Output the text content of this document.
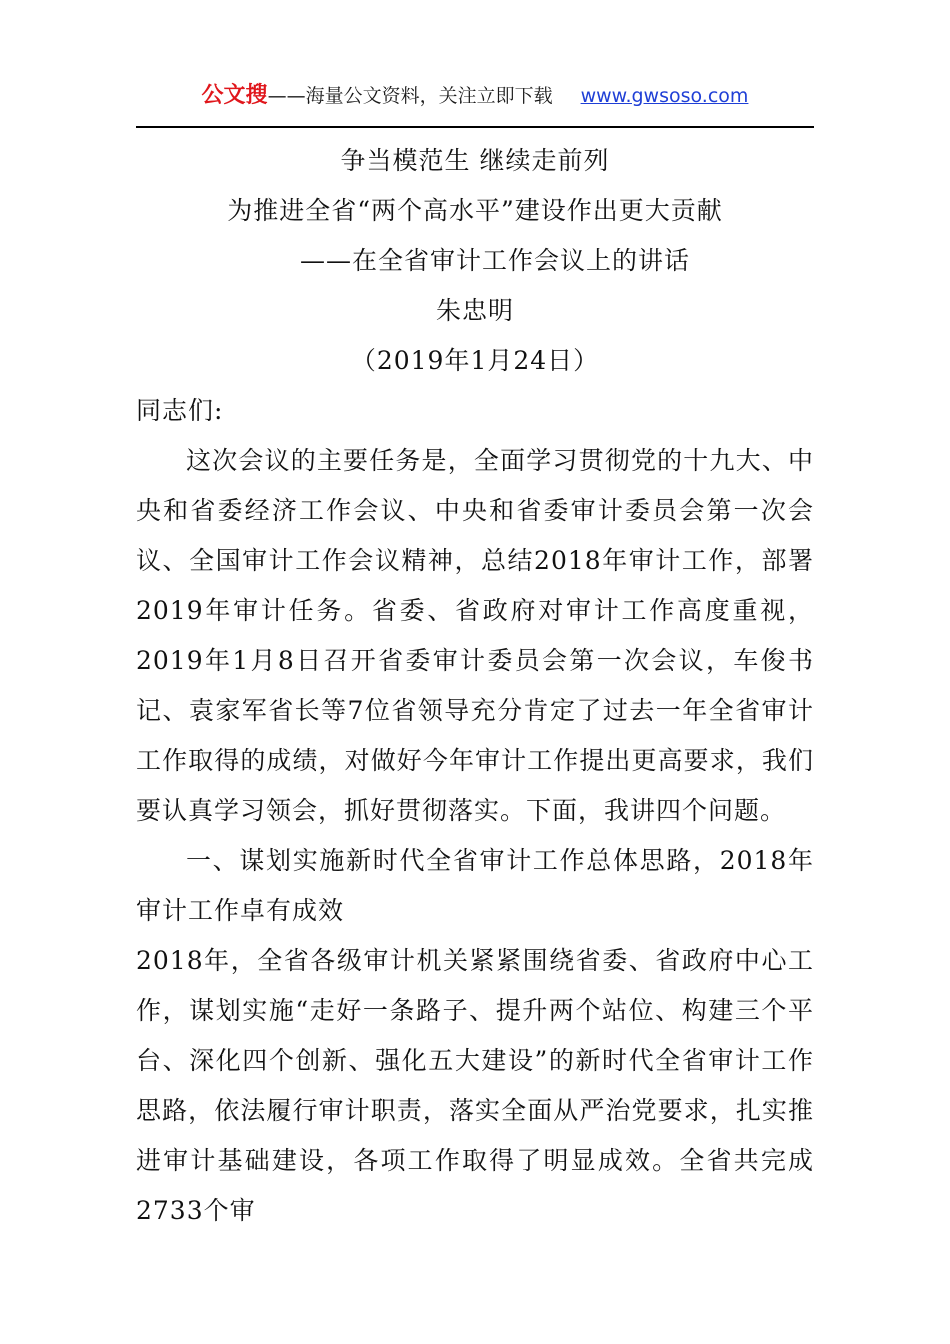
公文搜——海量公文资料，关注立即下载 www.gwsoso.com
争当模范生 继续走前列
为推进全省“两个高水平”建设作出更大贡献
——在全省审计工作会议上的讲话
朱忠明
（2019年1月24日）

同志们:

这次会议的主要任务是，全面学习贯彻党的十九大、中央和省委经济工作会议、中央和省委审计委员会第一次会议、全国审计工作会议精神，总结2018年审计工作，部署2019年审计任务。省委、省政府对审计工作高度重视，2019年1月8日召开省委审计委员会第一次会议，车俊书记、袁家军省长等7位省领导充分肯定了过去一年全省审计工作取得的成绩，对做好今年审计工作提出更高要求，我们要认真学习领会，抓好贯彻落实。下面，我讲四个问题。

一、谋划实施新时代全省审计工作总体思路，2018年审计工作卓有成效

2018年，全省各级审计机关紧紧围绕省委、省政府中心工作，谋划实施“走好一条路子、提升两个站位、构建三个平台、深化四个创新、强化五大建设”的新时代全省审计工作思路，依法履行审计职责，落实全面从严治党要求，扎实推进审计基础建设，各项工作取得了明显成效。全省共完成2733个审
